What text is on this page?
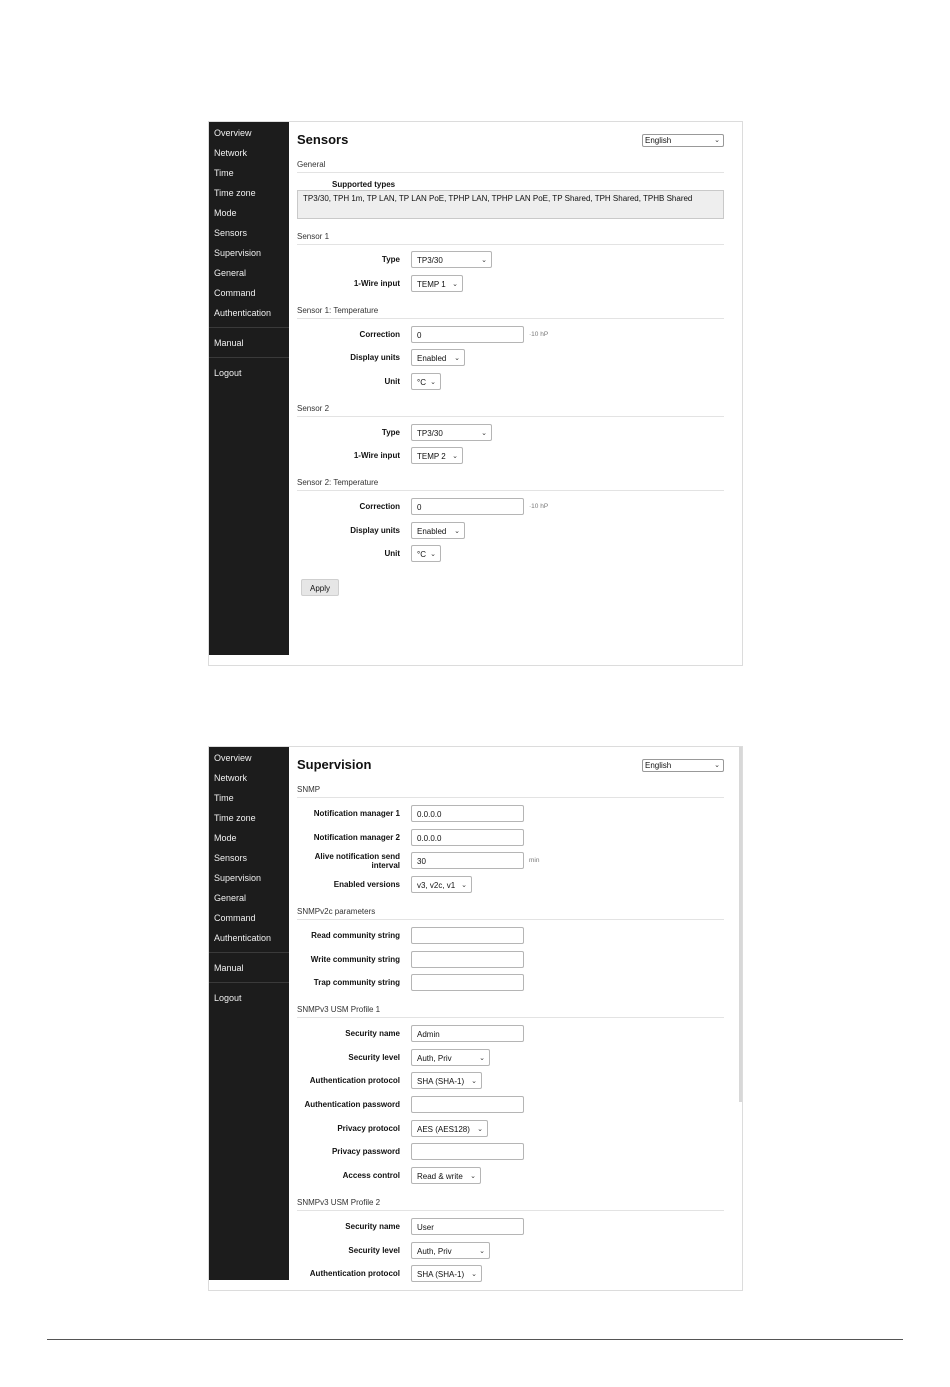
Overview
Network
Time
Time zone
Mode
Sensors
Supervision
General
Command
Authentication
Manual
Logout
Sensors	English	⌄
General
Supported types
TP3/30, TPH 1m, TP LAN, TP LAN PoE, TPHP LAN, TPHP LAN PoE, TP Shared, TPH Shared, TPHB Shared
Sensor 1
Type	TP3/30	⌄
1-Wire input	TEMP 1 ⌄
Sensor 1: Temperature
Correction	0	·10 hP
Display units	Enabled ⌄
Unit	°C ⌄
Sensor 2
Type	TP3/30	⌄
1-Wire input	TEMP 2 ⌄
Sensor 2: Temperature
Correction	0	·10 hP
Display units	Enabled ⌄
Unit	°C ⌄
Apply
Overview
Network
Time
Time zone
Mode
Sensors
Supervision
General
Command
Authentication
Manual
Logout
Supervision	English	⌄
SNMP
Notification manager 1	0.0.0.0
Notification manager 2	0.0.0.0
Alive notification send
interval	30	min
Enabled versions	v3, v2c, v1 ⌄
SNMPv2c parameters
Read community string
Write community string
Trap community string
SNMPv3 USM Profile 1
Security name	Admin
Security level	Auth, Priv	⌄
Authentication protocol	SHA (SHA-1) ⌄
Authentication password
Privacy protocol	AES (AES128) ⌄
Privacy password
Access control	Read & write ⌄
SNMPv3 USM Profile 2
Security name	User
Security level	Auth, Priv	⌄
Authentication protocol	SHA (SHA-1) ⌄
